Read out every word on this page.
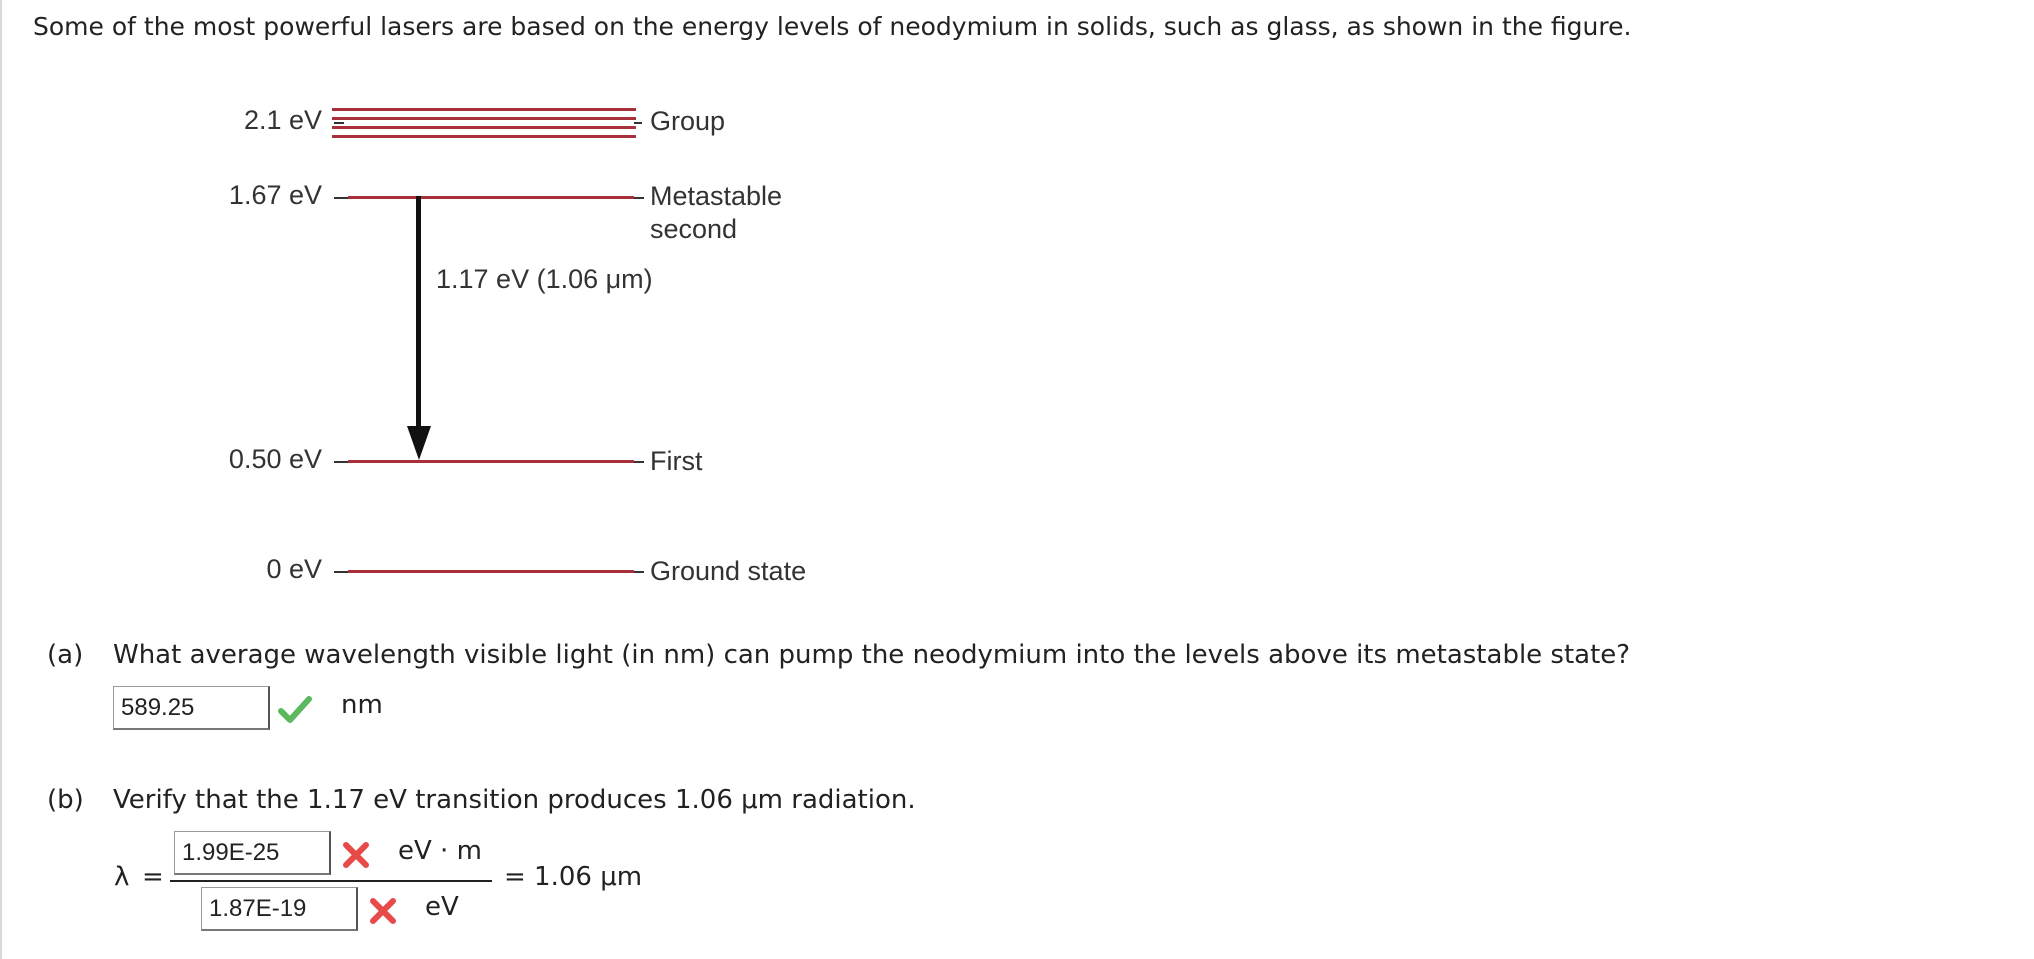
Some of the most powerful lasers are based on the energy levels of neodymium in solids, such as glass, as shown in the figure.
2.1 eV	Group
1.67 eV	Metastable
second
1.17 eV (1.06 μm)
0.50 eV	First
0 eV	Ground state
(a) What average wavelength visible light (in nm) can pump the neodymium into the levels above its metastable state?
589.25
nm
(b) Verify that the 1.17 eV transition produces 1.06 μm radiation.
λ =
1.99E-25
eV · m
1.87E-19
eV
= 1.06 μm
